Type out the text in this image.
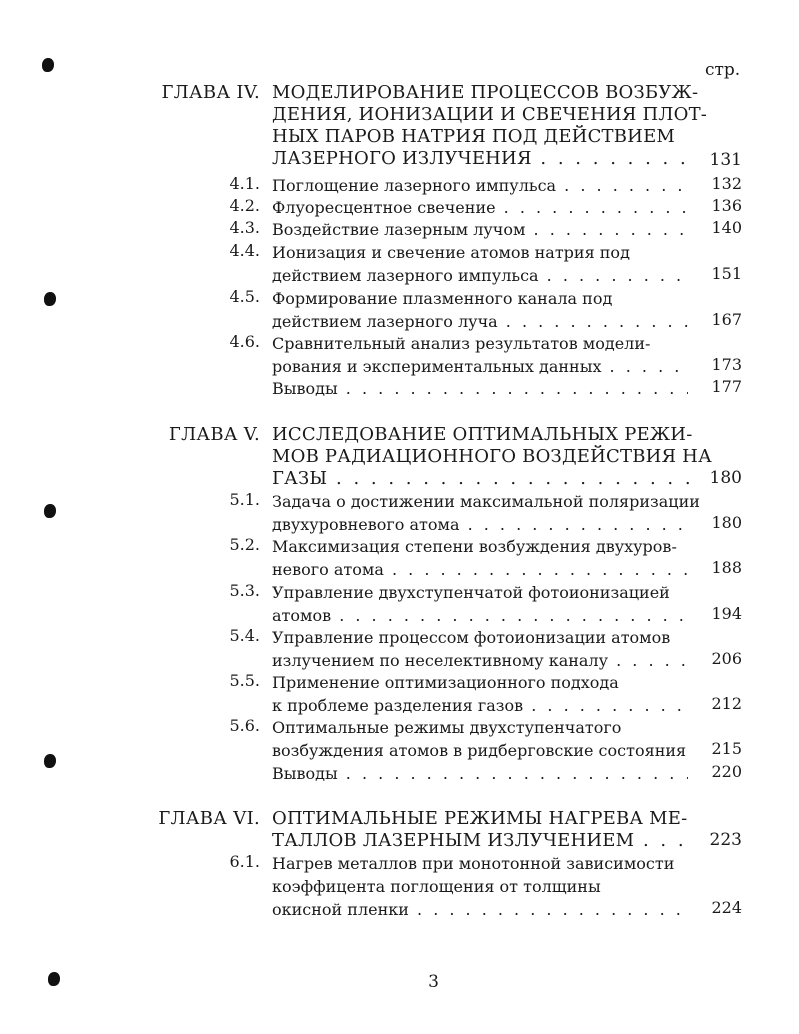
стр.
ГЛАВА IV. МОДЕЛИРОВАНИЕ ПРОЦЕССОВ ВОЗБУЖ-
ДЕНИЯ, ИОНИЗАЦИИ И СВЕЧЕНИЯ ПЛОТ-
НЫХ ПАРОВ НАТРИЯ ПОД ДЕЙСТВИЕМ
ЛАЗЕРНОГО ИЗЛУЧЕНИЯ . . .	131
4.1. Поглощение лазерного импульса . . .	132
4.2. Флуоресцентное свечение . . .	136
4.3. Воздействие лазерным лучом . . .	140
4.4. Ионизация и свечение атомов натрия под
действием лазерного импульса . . .	151
4.5. Формирование плазменного канала под
действием лазерного луча . . .	167
4.6. Сравнительный анализ результатов модели-
рования и экспериментальных данных . . .	173
Выводы . . .	177
ГЛАВА V. ИССЛЕДОВАНИЕ ОПТИМАЛЬНЫХ РЕЖИ-
МОВ РАДИАЦИОННОГО ВОЗДЕЙСТВИЯ НА
ГАЗЫ . . .	180
5.1. Задача о достижении максимальной поляризации
двухуровневого атома . . .	180
5.2. Максимизация степени возбуждения двухуров-
невого атома . . .	188
5.3. Управление двухступенчатой фотоионизацией
атомов . . .	194
5.4. Управление процессом фотоионизации атомов
излучением по неселективному каналу . . .	206
5.5. Применение оптимизационного подхода
к проблеме разделения газов . . .	212
5.6. Оптимальные режимы двухступенчатого
возбуждения атомов в ридберговские состояния . . .	215
Выводы . . .	220
ГЛАВА VI. ОПТИМАЛЬНЫЕ РЕЖИМЫ НАГРЕВА МЕ-
ТАЛЛОВ ЛАЗЕРНЫМ ИЗЛУЧЕНИЕМ . . .	223
6.1. Нагрев металлов при монотонной зависимости
коэффицента поглощения от толщины
окисной пленки . . .	224
3
